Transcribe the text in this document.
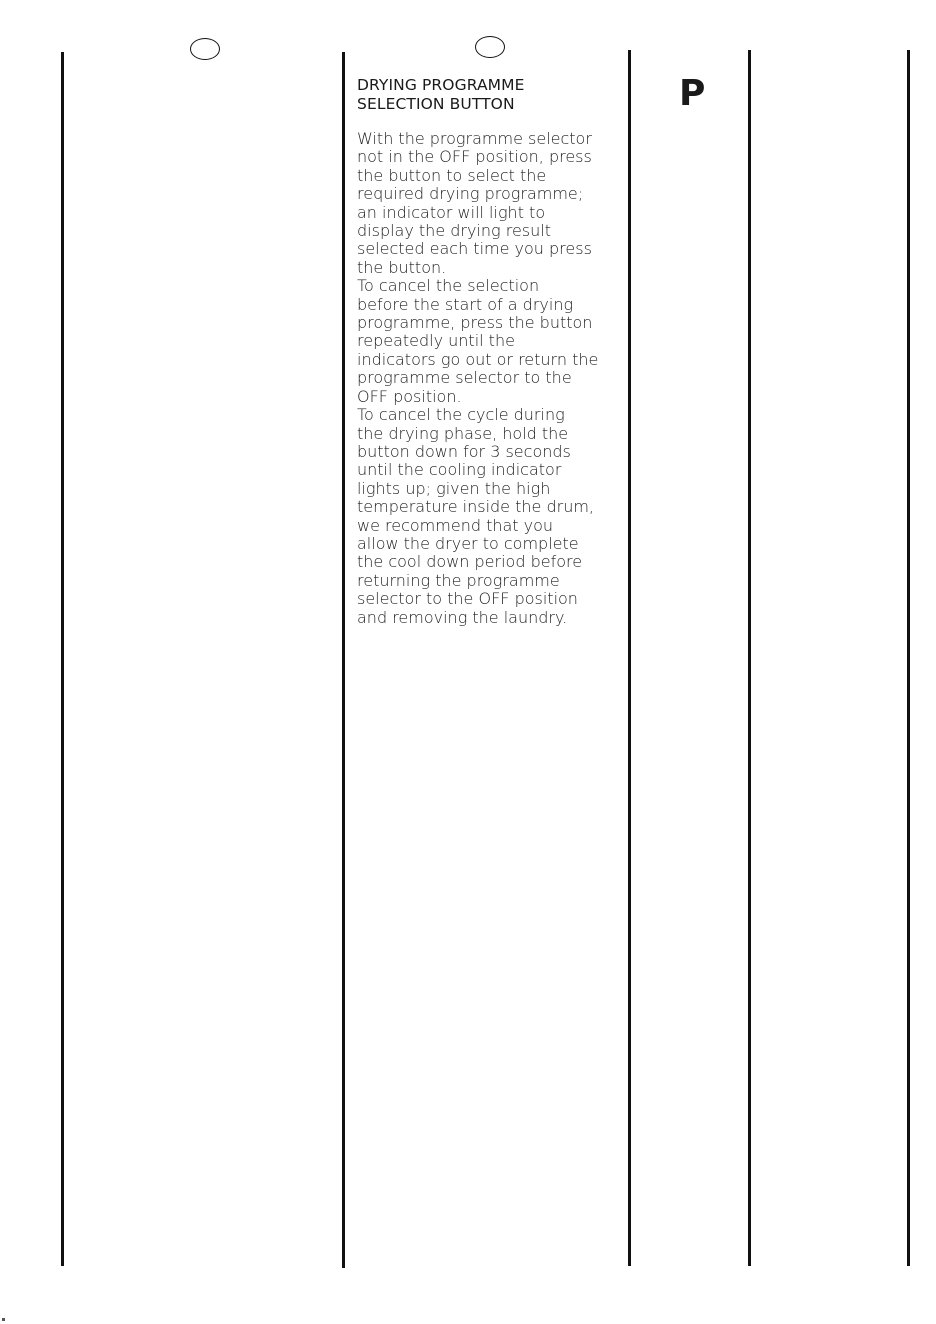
P
DRYING PROGRAMME
SELECTION BUTTON

With the programme selector
not in the OFF position, press
the button to select the
required drying programme;
an indicator will light to
display the drying result
selected each time you press
the button.
To cancel the selection
before the start of a drying
programme, press the button
repeatedly until the
indicators go out or return the
programme selector to the
OFF position.
To cancel the cycle during
the drying phase, hold the
button down for 3 seconds
until the cooling indicator
lights up; given the high
temperature inside the drum,
we recommend that you
allow the dryer to complete
the cool down period before
returning the programme
selector to the OFF position
and removing the laundry.
